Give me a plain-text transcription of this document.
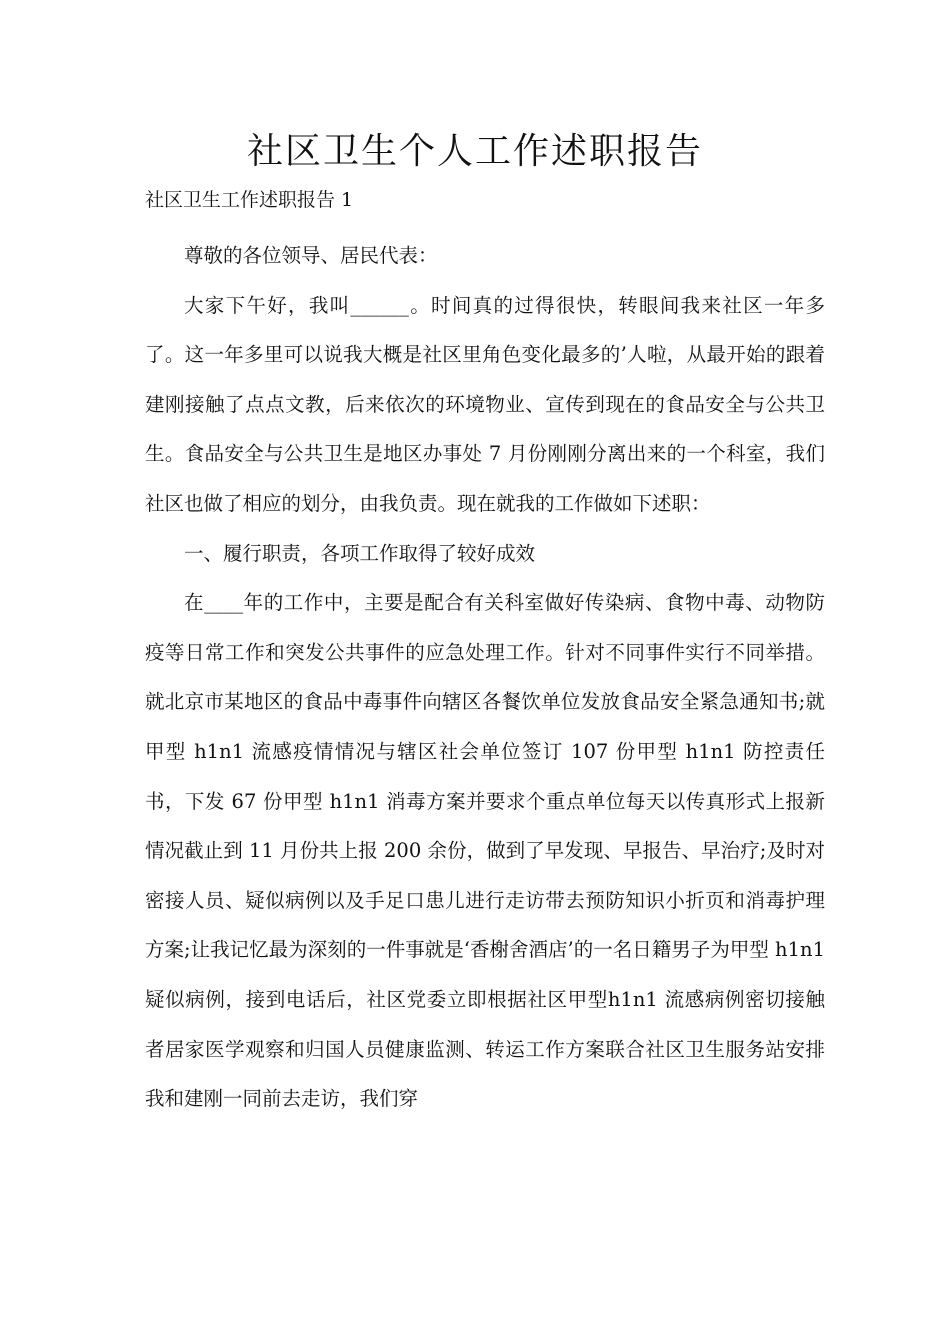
社区卫生个人工作述职报告
社区卫生工作述职报告 1

尊敬的各位领导、居民代表：

大家下午好，我叫______。时间真的过得很快，转眼间我来社区一年多了。这一年多里可以说我大概是社区里角色变化最多的’人啦，从最开始的跟着建刚接触了点点文教，后来依次的环境物业、宣传到现在的食品安全与公共卫生。食品安全与公共卫生是地区办事处 7 月份刚刚分离出来的一个科室，我们社区也做了相应的划分，由我负责。现在就我的工作做如下述职：

一、履行职责，各项工作取得了较好成效

在____年的工作中，主要是配合有关科室做好传染病、食物中毒、动物防疫等日常工作和突发公共事件的应急处理工作。针对不同事件实行不同举措。就北京市某地区的食品中毒事件向辖区各餐饮单位发放食品安全紧急通知书;就甲型 h1n1 流感疫情情况与辖区社会单位签订 107 份甲型 h1n1 防控责任书，下发 67 份甲型 h1n1 消毒方案并要求个重点单位每天以传真形式上报新情况截止到 11 月份共上报 200 余份，做到了早发现、早报告、早治疗;及时对密接人员、疑似病例以及手足口患儿进行走访带去预防知识小折页和消毒护理方案;让我记忆最为深刻的一件事就是‘香榭舍酒店’的一名日籍男子为甲型 h1n1 疑似病例，接到电话后，社区党委立即根据社区甲型h1n1 流感病例密切接触者居家医学观察和归国人员健康监测、转运工作方案联合社区卫生服务站安排我和建刚一同前去走访，我们穿
